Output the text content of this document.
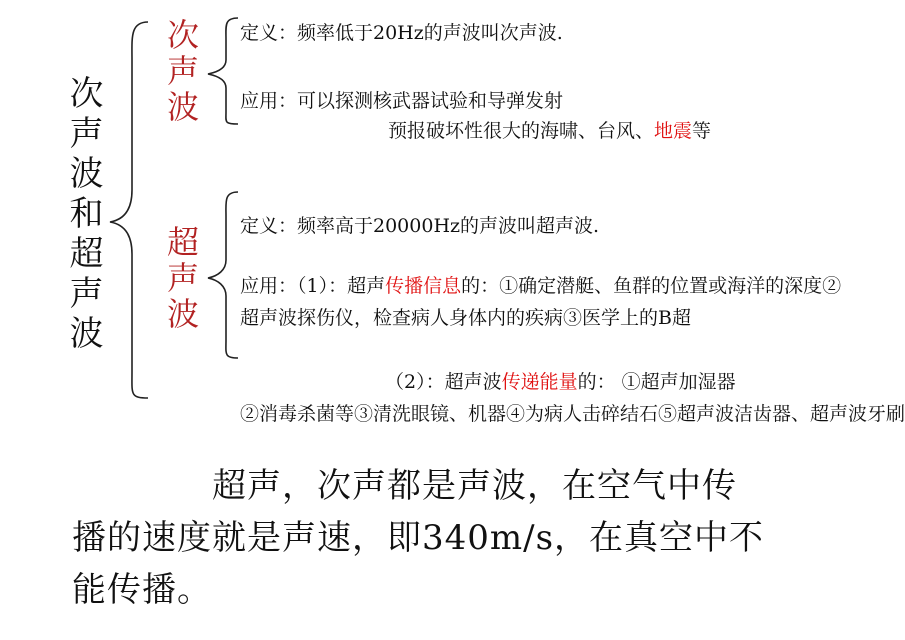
次声波和超声波
次声波 定义：频率低于20Hz的声波叫次声波.
应用：可以探测核武器试验和导弹发射
预报破坏性很大的海啸、台风、地震等
超声波 定义：频率高于20000Hz的声波叫超声波.
应用：（1）：超声传播信息的：①确定潜艇、鱼群的位置或海洋的深度②超声波探伤仪，检查病人身体内的疾病③医学上的B超
（2）：超声波传递能量的： ①超声加湿器
②消毒杀菌等③清洗眼镜、机器④为病人击碎结石⑤超声波洁齿器、超声波牙刷
超声，次声都是声波，在空气中传
播的速度就是声速，即340m/s，在真空中不
能传播。
